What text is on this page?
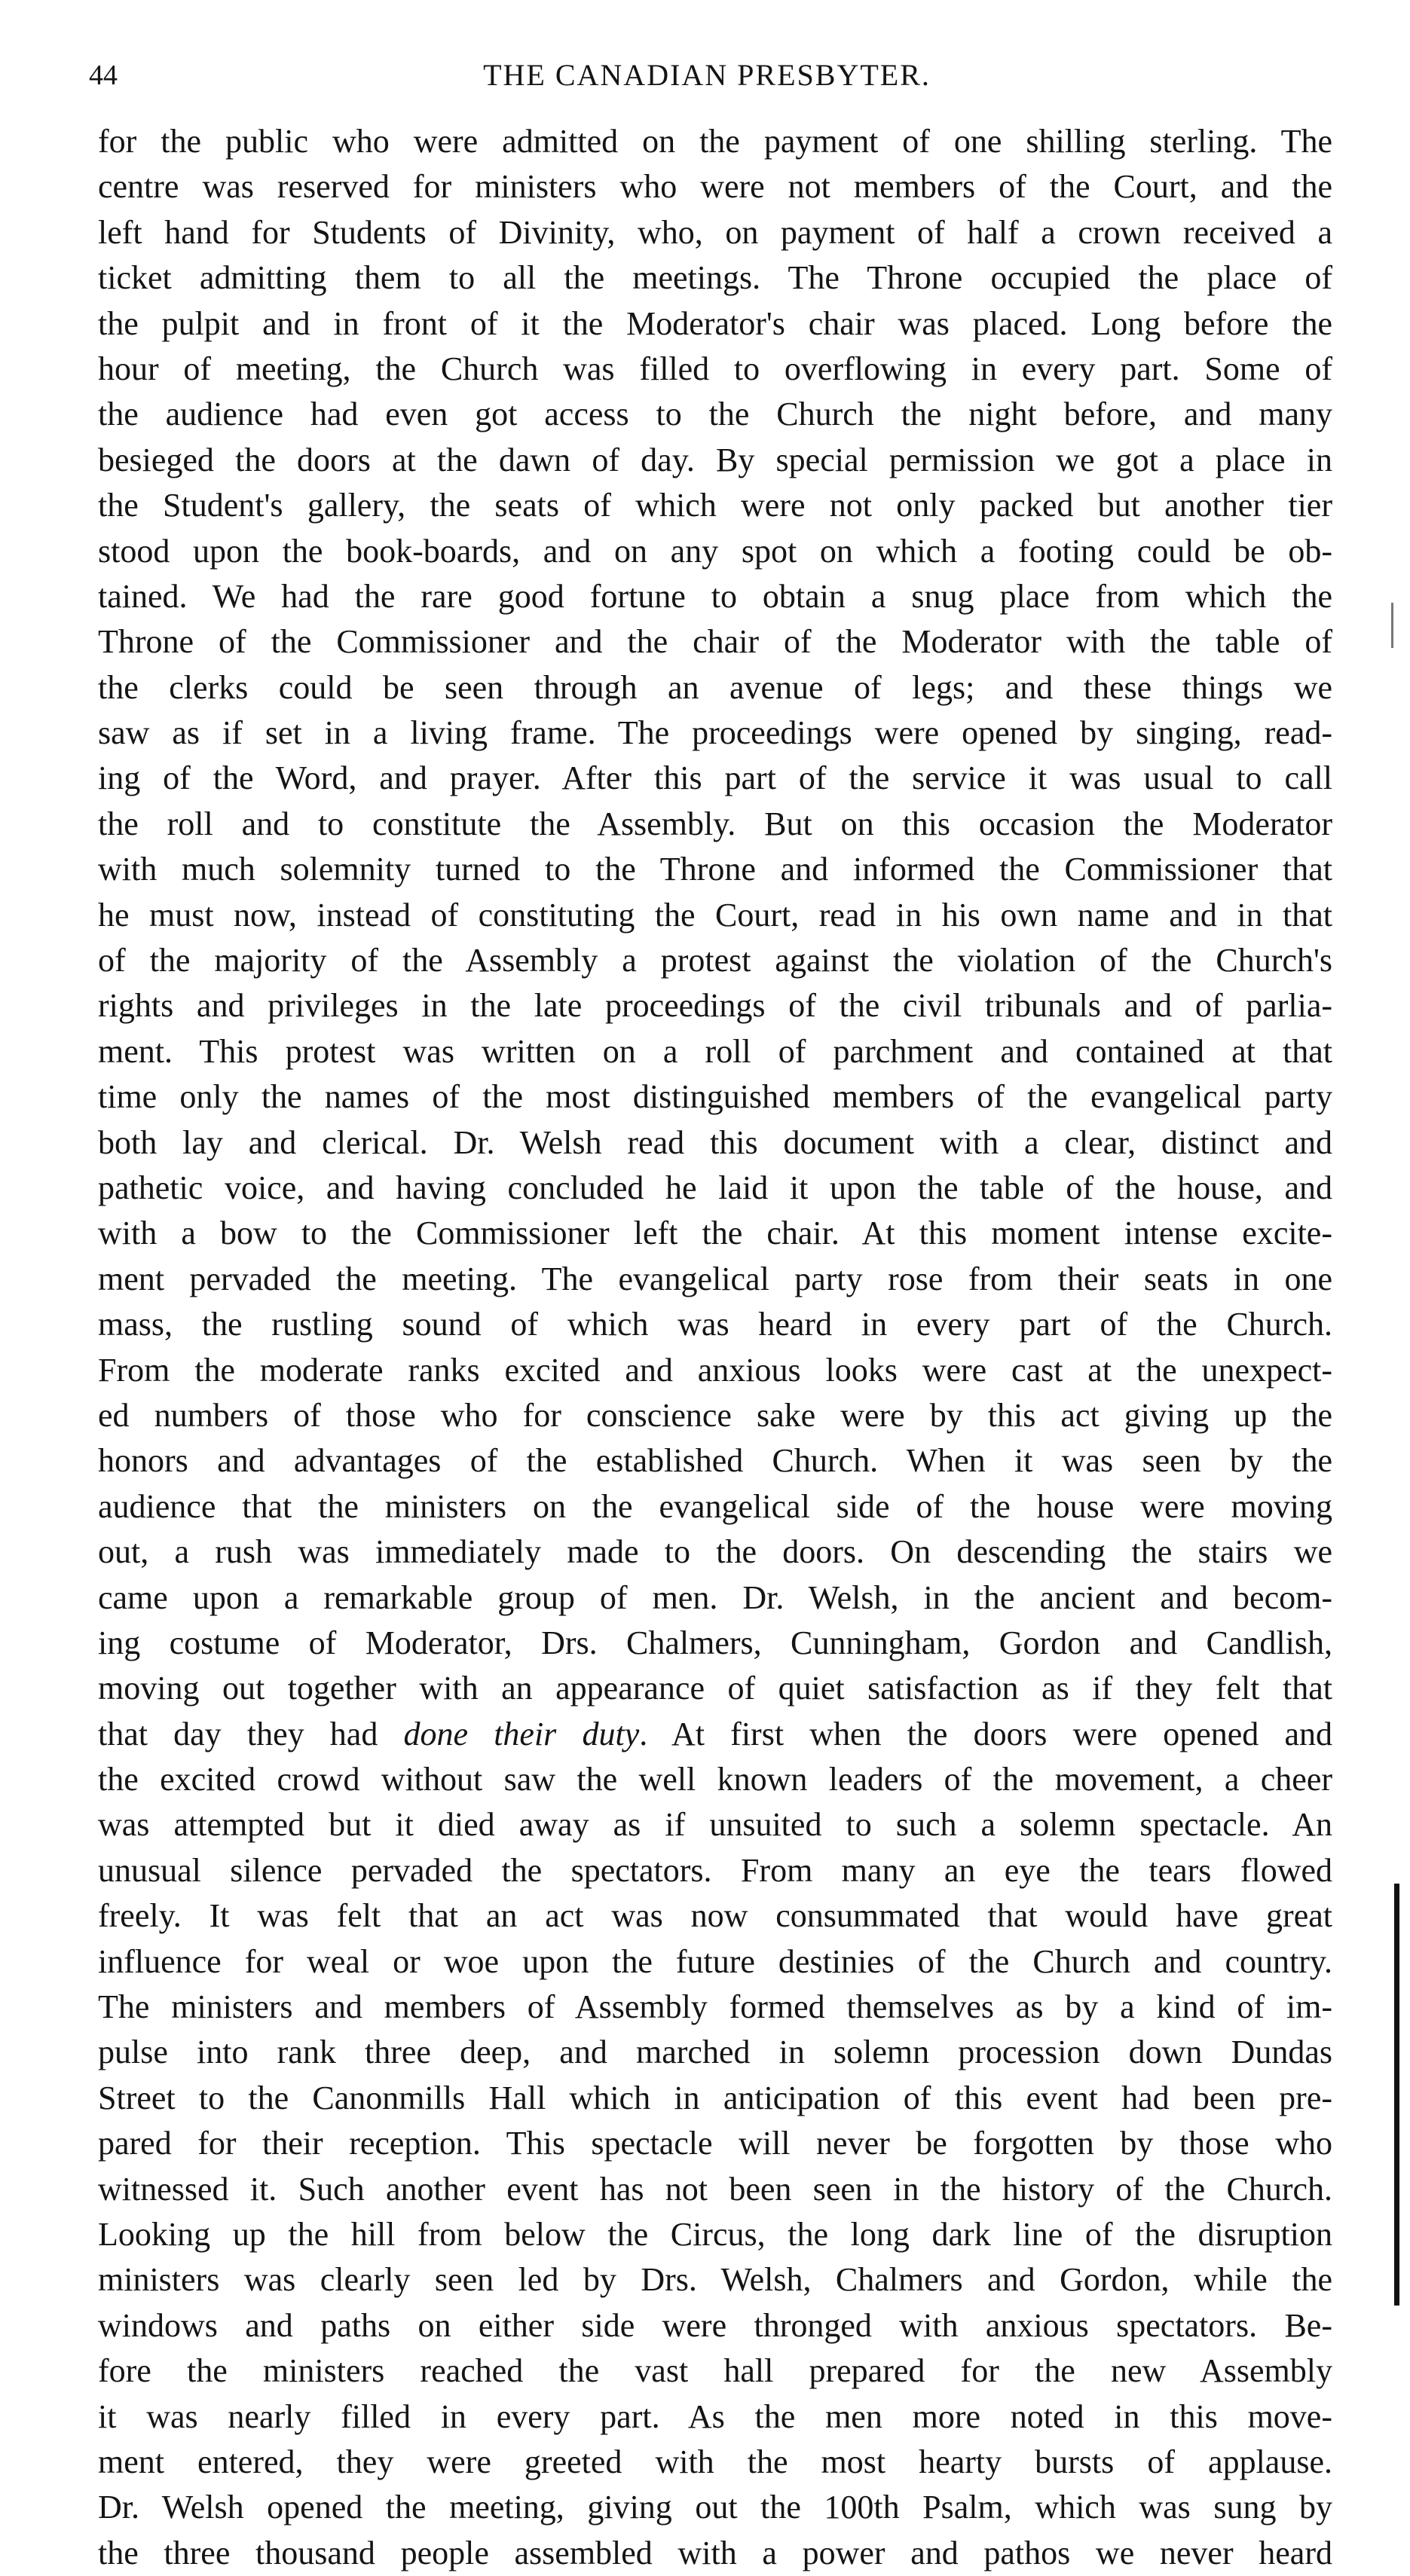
44	THE CANADIAN PRESBYTER.
for the public who were admitted on the payment of one shilling sterling. The
centre was reserved for ministers who were not members of the Court, and the
left hand for Students of Divinity, who, on payment of half a crown received a
ticket admitting them to all the meetings. The Throne occupied the place of
the pulpit and in front of it the Moderator's chair was placed. Long before the
hour of meeting, the Church was filled to overflowing in every part. Some of
the audience had even got access to the Church the night before, and many
besieged the doors at the dawn of day. By special permission we got a place in
the Student's gallery, the seats of which were not only packed but another tier
stood upon the book-boards, and on any spot on which a footing could be ob-
tained. We had the rare good fortune to obtain a snug place from which the
Throne of the Commissioner and the chair of the Moderator with the table of
the clerks could be seen through an avenue of legs; and these things we
saw as if set in a living frame. The proceedings were opened by singing, read-
ing of the Word, and prayer. After this part of the service it was usual to call
the roll and to constitute the Assembly. But on this occasion the Moderator
with much solemnity turned to the Throne and informed the Commissioner that
he must now, instead of constituting the Court, read in his own name and in that
of the majority of the Assembly a protest against the violation of the Church's
rights and privileges in the late proceedings of the civil tribunals and of parlia-
ment. This protest was written on a roll of parchment and contained at that
time only the names of the most distinguished members of the evangelical party
both lay and clerical. Dr. Welsh read this document with a clear, distinct and
pathetic voice, and having concluded he laid it upon the table of the house, and
with a bow to the Commissioner left the chair. At this moment intense excite-
ment pervaded the meeting. The evangelical party rose from their seats in one
mass, the rustling sound of which was heard in every part of the Church.
From the moderate ranks excited and anxious looks were cast at the unexpect-
ed numbers of those who for conscience sake were by this act giving up the
honors and advantages of the established Church. When it was seen by the
audience that the ministers on the evangelical side of the house were moving
out, a rush was immediately made to the doors. On descending the stairs we
came upon a remarkable group of men. Dr. Welsh, in the ancient and becom-
ing costume of Moderator, Drs. Chalmers, Cunningham, Gordon and Candlish,
moving out together with an appearance of quiet satisfaction as if they felt that
that day they had done their duty. At first when the doors were opened and
the excited crowd without saw the well known leaders of the movement, a cheer
was attempted but it died away as if unsuited to such a solemn spectacle. An
unusual silence pervaded the spectators. From many an eye the tears flowed
freely. It was felt that an act was now consummated that would have great
influence for weal or woe upon the future destinies of the Church and country.
The ministers and members of Assembly formed themselves as by a kind of im-
pulse into rank three deep, and marched in solemn procession down Dundas
Street to the Canonmills Hall which in anticipation of this event had been pre-
pared for their reception. This spectacle will never be forgotten by those who
witnessed it. Such another event has not been seen in the history of the Church.
Looking up the hill from below the Circus, the long dark line of the disruption
ministers was clearly seen led by Drs. Welsh, Chalmers and Gordon, while the
windows and paths on either side were thronged with anxious spectators. Be-
fore the ministers reached the vast hall prepared for the new Assembly
it was nearly filled in every part. As the men more noted in this move-
ment entered, they were greeted with the most hearty bursts of applause.
Dr. Welsh opened the meeting, giving out the 100th Psalm, which was sung by
the three thousand people assembled with a power and pathos we never heard
